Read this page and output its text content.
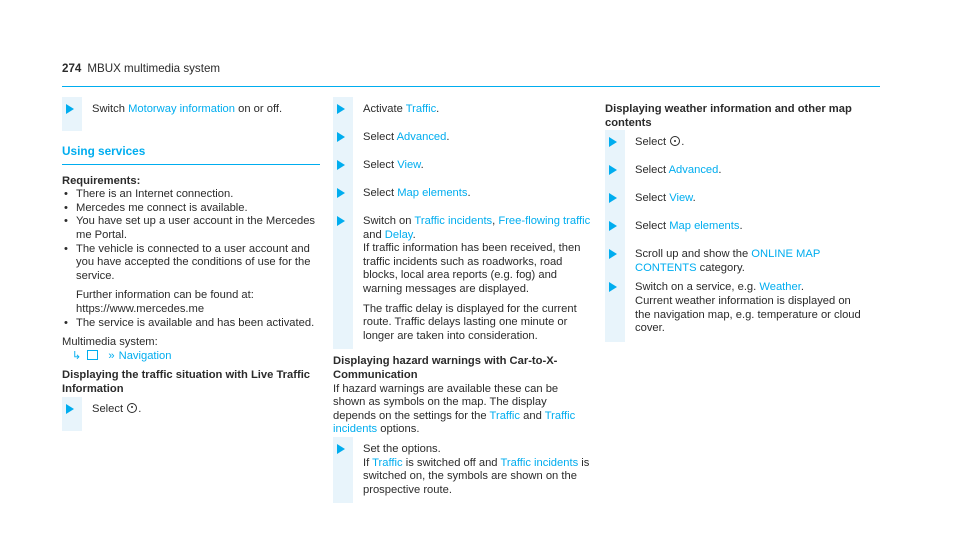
274 MBUX multimedia system
Switch Motorway information on or off.
Using services

Requirements:

• There is an Internet connection.
• Mercedes me connect is available.
• You have set up a user account in the Mercedes me Portal.
• The vehicle is connected to a user account and you have accepted the conditions of use for the service.
Further information can be found at: https://www.mercedes.me
• The service is available and has been activated.

Multimedia system:

↳ » Navigation

Displaying the traffic situation with Live Traffic Information

Select .
Activate Traffic.
Select Advanced.
Select View.
Select Map elements.
Switch on Traffic incidents, Free-flowing traffic and Delay.

If traffic information has been received, then traffic incidents such as roadworks, road blocks, local area reports (e.g. fog) and warning messages are displayed.

The traffic delay is displayed for the current route. Traffic delays lasting one minute or longer are taken into consideration.

Displaying hazard warnings with Car-to-X-Communication

If hazard warnings are available these can be shown as symbols on the map. The display depends on the settings for the Traffic and Traffic incidents options.

Set the options.

If Traffic is switched off and Traffic incidents is switched on, the symbols are shown on the prospective route.

Displaying weather information and other map contents

Select .
Select Advanced.
Select View.
Select Map elements.
Scroll up and show the ONLINE MAP CONTENTS category.
Switch on a service, e.g. Weather.

Current weather information is displayed on the navigation map, e.g. temperature or cloud cover.
